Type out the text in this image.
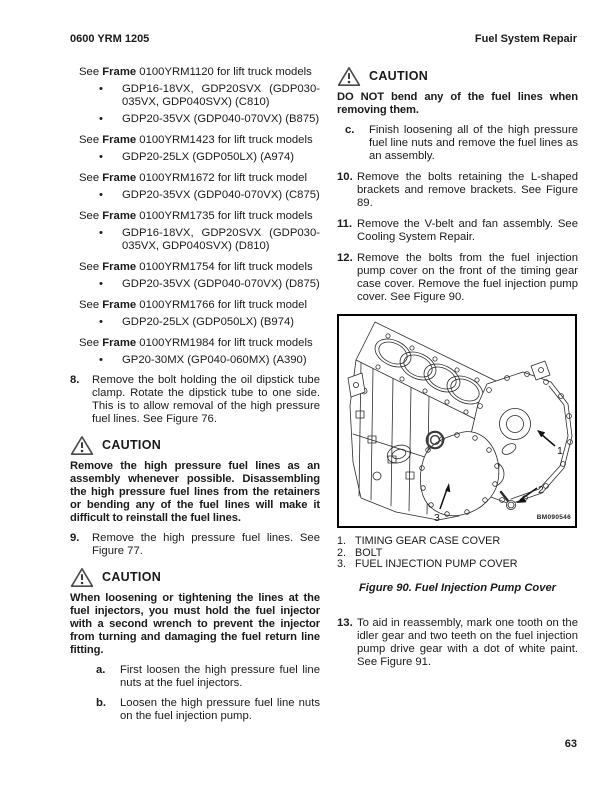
0600 YRM 1205	Fuel System Repair

See Frame 0100YRM1120 for lift truck models

•	GDP16-18VX, GDP20SVX (GDP030-035VX, GDP040SVX) (C810)
•	GDP20-35VX (GDP040-070VX) (B875)

See Frame 0100YRM1423 for lift truck models

•	GDP20-25LX (GDP050LX) (A974)

See Frame 0100YRM1672 for lift truck model

•	GDP20-35VX (GDP040-070VX) (C875)

See Frame 0100YRM1735 for lift truck models

•	GDP16-18VX, GDP20SVX (GDP030-035VX, GDP040SVX) (D810)

See Frame 0100YRM1754 for lift truck models

•	GDP20-35VX (GDP040-070VX) (D875)

See Frame 0100YRM1766 for lift truck model

•	GDP20-25LX (GDP050LX) (B974)

See Frame 0100YRM1984 for lift truck models

•	GP20-30MX (GP040-060MX) (A390)
8.	Remove the bolt holding the oil dipstick tube clamp. Rotate the dipstick tube to one side. This is to allow removal of the high pressure fuel lines. See Figure 76.
CAUTION

Remove the high pressure fuel lines as an assembly whenever possible. Disassembling the high pressure fuel lines from the retainers or bending any of the fuel lines will make it difficult to reinstall the fuel lines.

9.	Remove the high pressure fuel lines. See Figure 77.
CAUTION

When loosening or tightening the lines at the fuel injectors, you must hold the fuel injector with a second wrench to prevent the injector from turning and damaging the fuel return line fitting.

a.	First loosen the high pressure fuel line nuts at the fuel injectors.
b.	Loosen the high pressure fuel line nuts on the fuel injection pump.
CAUTION

DO NOT bend any of the fuel lines when removing them.

c.	Finish loosening all of the high pressure fuel line nuts and remove the fuel lines as an assembly.
10. Remove the bolts retaining the L-shaped brackets and remove brackets. See Figure 89.
11. Remove the V-belt and fan assembly. See Cooling System Repair.
12. Remove the bolts from the fuel injection pump cover on the front of the timing gear case cover. Remove the fuel injection pump cover. See Figure 90.
1
2
3	BM090546
1. TIMING GEAR CASE COVER
2. BOLT
3. FUEL INJECTION PUMP COVER

Figure 90. Fuel Injection Pump Cover

13. To aid in reassembly, mark one tooth on the idler gear and two teeth on the fuel injection pump drive gear with a dot of white paint. See Figure 91.
63
